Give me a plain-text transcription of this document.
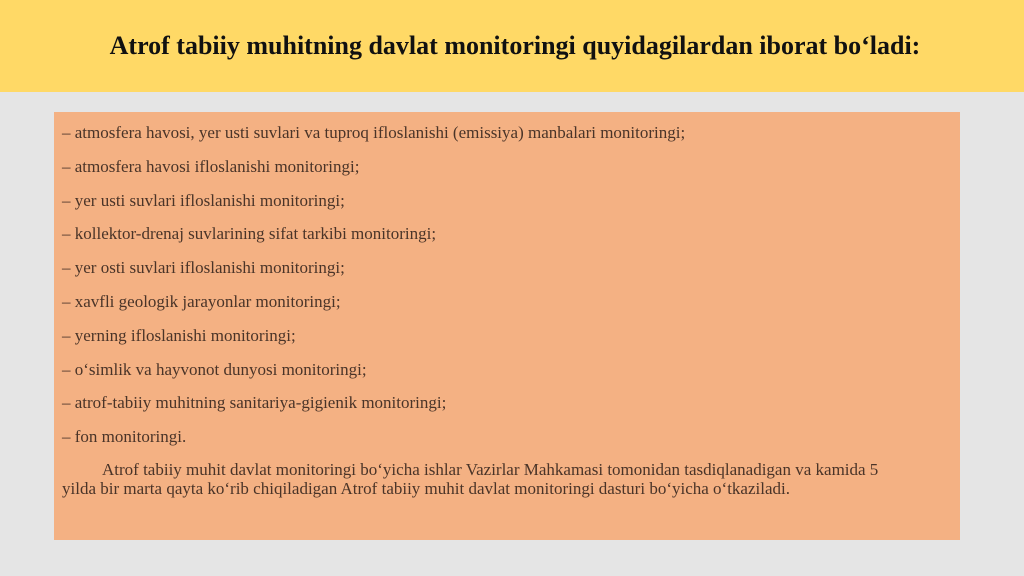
Atrof tabiiy muhitning davlat monitoringi quyidagilardan iborat bo‘ladi:
– atmosfera havosi, yer usti suvlari va tuproq ifloslanishi (emissiya) manbalari monitoringi;
– atmosfera havosi ifloslanishi monitoringi;
– yer usti suvlari ifloslanishi monitoringi;
– kollektor-drenaj suvlarining sifat tarkibi monitoringi;
– yer osti suvlari ifloslanishi monitoringi;
– xavfli geologik jarayonlar monitoringi;
– yerning ifloslanishi monitoringi;
– o‘simlik va hayvonot dunyosi monitoringi;
– atrof-tabiiy muhitning sanitariya-gigienik monitoringi;
– fon monitoringi.

Atrof tabiiy muhit davlat monitoringi bo‘yicha ishlar Vazirlar Mahkamasi tomonidan tasdiqlanadigan va kamida 5 yilda bir marta qayta ko‘rib chiqiladigan Atrof tabiiy muhit davlat monitoringi dasturi bo‘yicha o‘tkaziladi.
